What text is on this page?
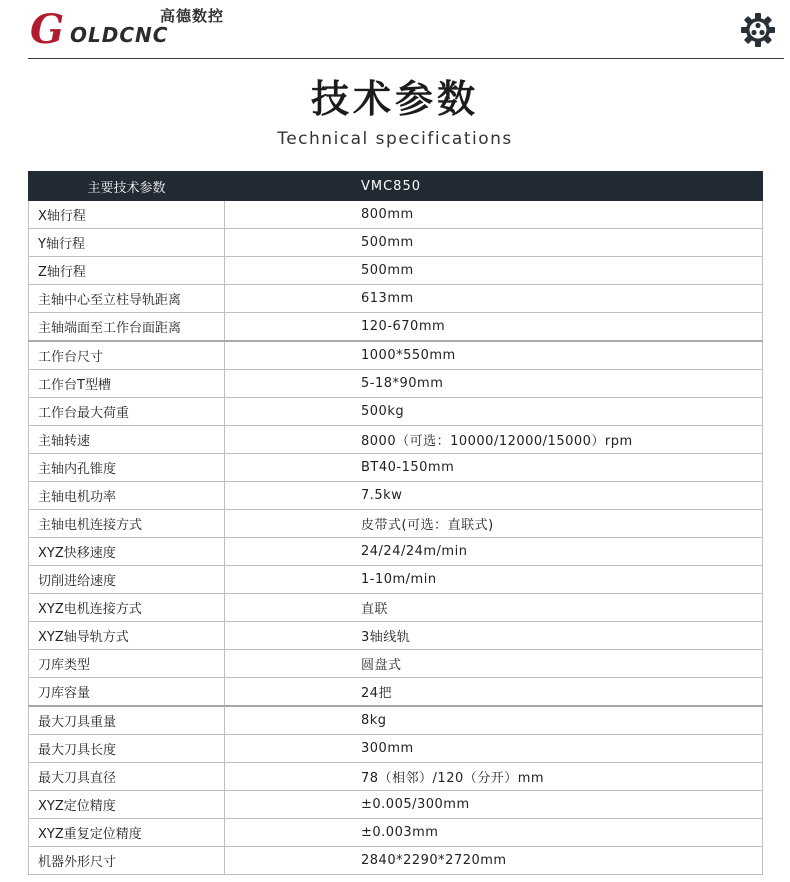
G OLDCNC
高德数控
技术参数
Technical specifications
主要技术参数	VMC850
X轴行程	800mm
Y轴行程	500mm
Z轴行程	500mm
主轴中心至立柱导轨距离	613mm
主轴端面至工作台面距离	120-670mm
工作台尺寸	1000*550mm
工作台T型槽	5-18*90mm
工作台最大荷重	500kg
主轴转速	8000（可选：10000/12000/15000）rpm
主轴内孔锥度	BT40-150mm
主轴电机功率	7.5kw
主轴电机连接方式	皮带式(可选：直联式)
XYZ快移速度	24/24/24m/min
切削进给速度	1-10m/min
XYZ电机连接方式	直联
XYZ轴导轨方式	3轴线轨
刀库类型	圆盘式
刀库容量	24把
最大刀具重量	8kg
最大刀具长度	300mm
最大刀具直径	78（相邻）/120（分开）mm
XYZ定位精度	±0.005/300mm
XYZ重复定位精度	±0.003mm
机器外形尺寸	2840*2290*2720mm
